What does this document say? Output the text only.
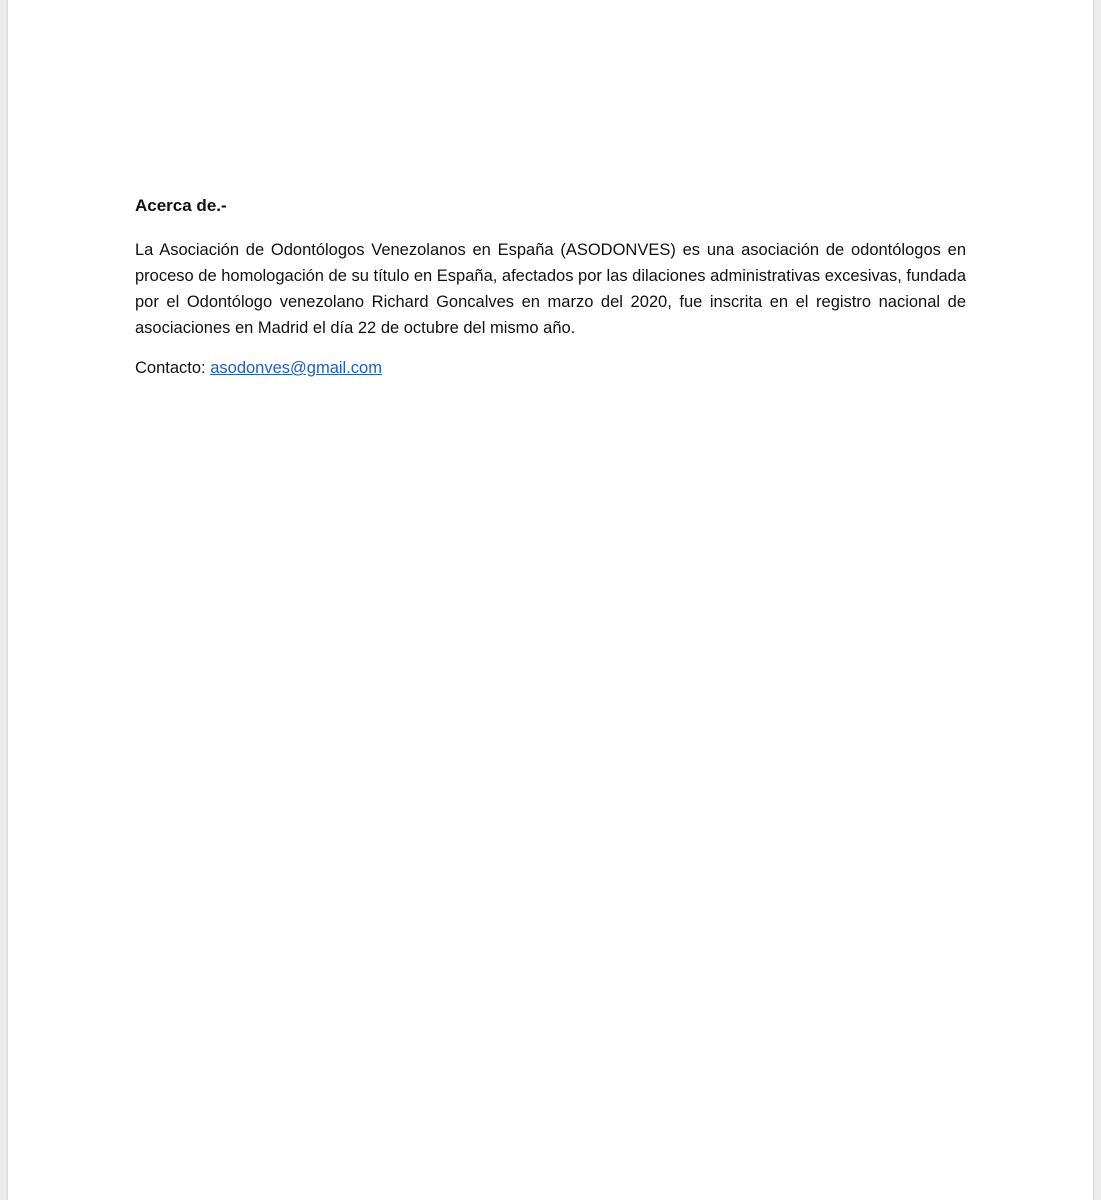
Acerca de.-

La Asociación de Odontólogos Venezolanos en España (ASODONVES) es una asociación de odontólogos en proceso de homologación de su título en España, afectados por las dilaciones administrativas excesivas, fundada por el Odontólogo venezolano Richard Goncalves en marzo del 2020, fue inscrita en el registro nacional de asociaciones en Madrid el día 22 de octubre del mismo año.

Contacto: asodonves@gmail.com
